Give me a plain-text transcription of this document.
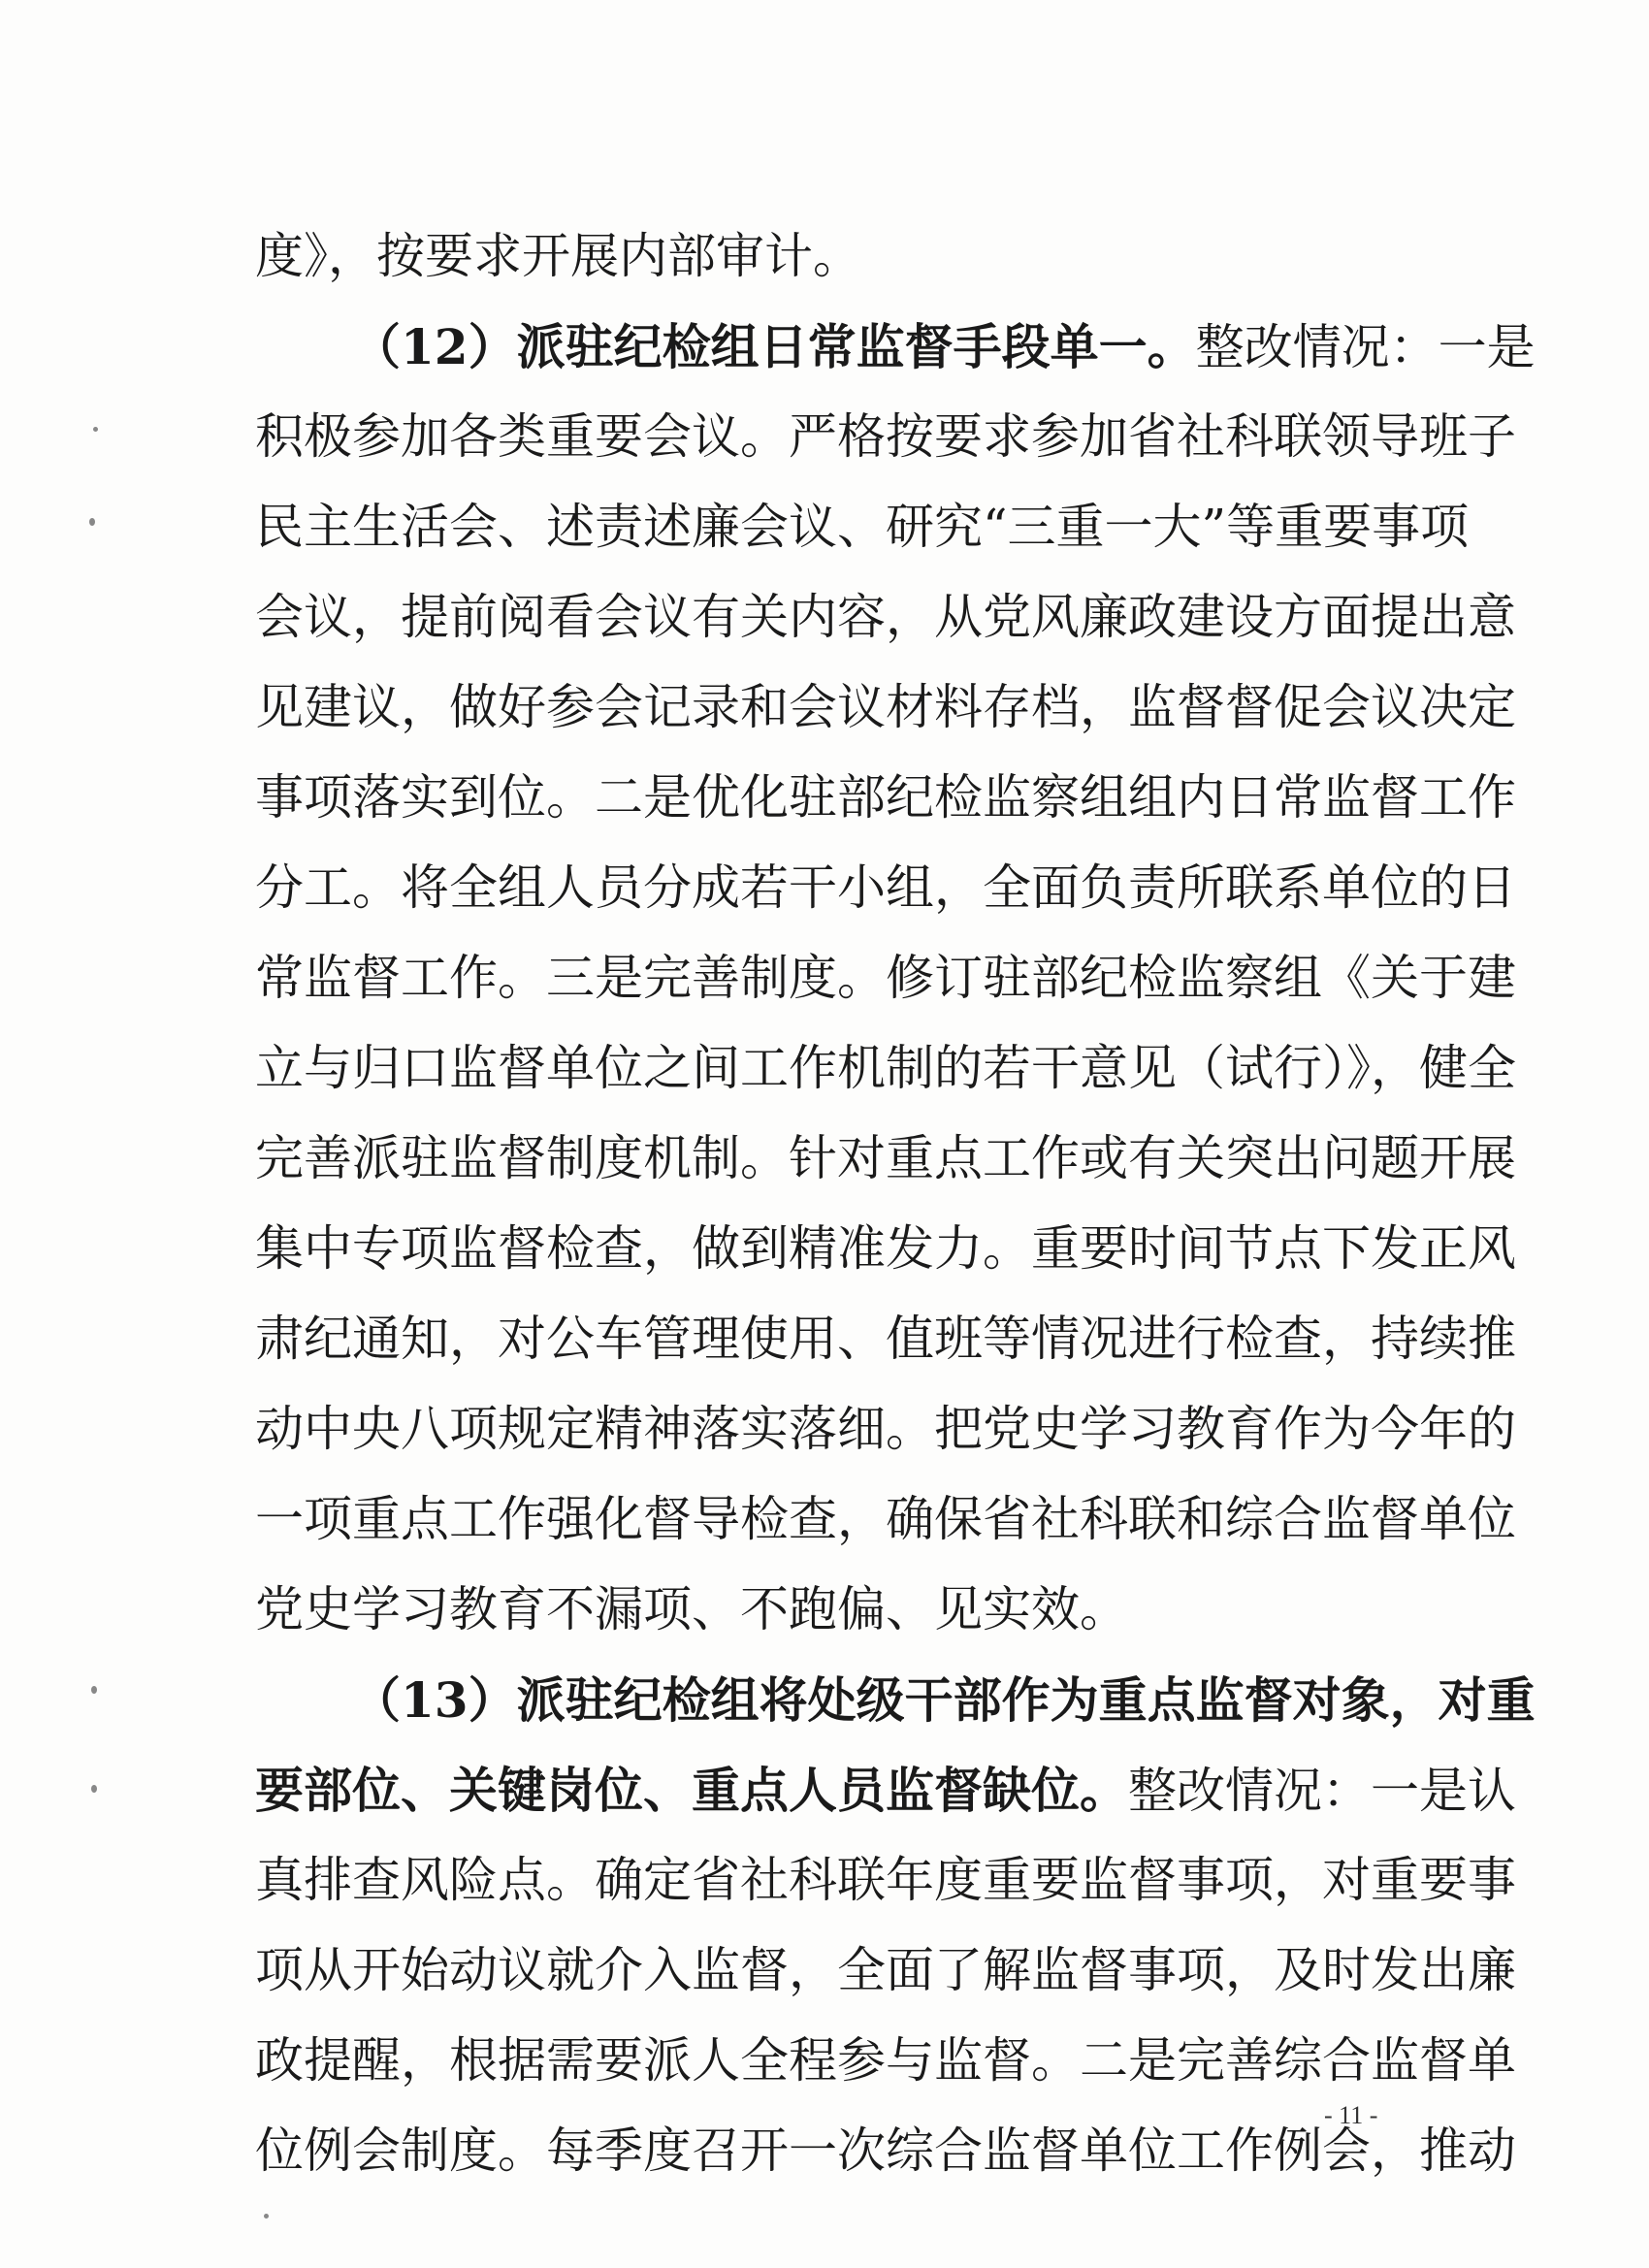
度》，按要求开展内部审计。
（12）派驻纪检组日常监督手段单一。整改情况：一是
积极参加各类重要会议。严格按要求参加省社科联领导班子
民主生活会、述责述廉会议、研究“三重一大”等重要事项
会议，提前阅看会议有关内容，从党风廉政建设方面提出意
见建议，做好参会记录和会议材料存档，监督督促会议决定
事项落实到位。二是优化驻部纪检监察组组内日常监督工作
分工。将全组人员分成若干小组，全面负责所联系单位的日
常监督工作。三是完善制度。修订驻部纪检监察组《关于建
立与归口监督单位之间工作机制的若干意见（试行）》，健全
完善派驻监督制度机制。针对重点工作或有关突出问题开展
集中专项监督检查，做到精准发力。重要时间节点下发正风
肃纪通知，对公车管理使用、值班等情况进行检查，持续推
动中央八项规定精神落实落细。把党史学习教育作为今年的
一项重点工作强化督导检查，确保省社科联和综合监督单位
党史学习教育不漏项、不跑偏、见实效。
（13）派驻纪检组将处级干部作为重点监督对象，对重
要部位、关键岗位、重点人员监督缺位。整改情况：一是认
真排查风险点。确定省社科联年度重要监督事项，对重要事
项从开始动议就介入监督，全面了解监督事项，及时发出廉
政提醒，根据需要派人全程参与监督。二是完善综合监督单
位例会制度。每季度召开一次综合监督单位工作例会，推动
- 11 -
